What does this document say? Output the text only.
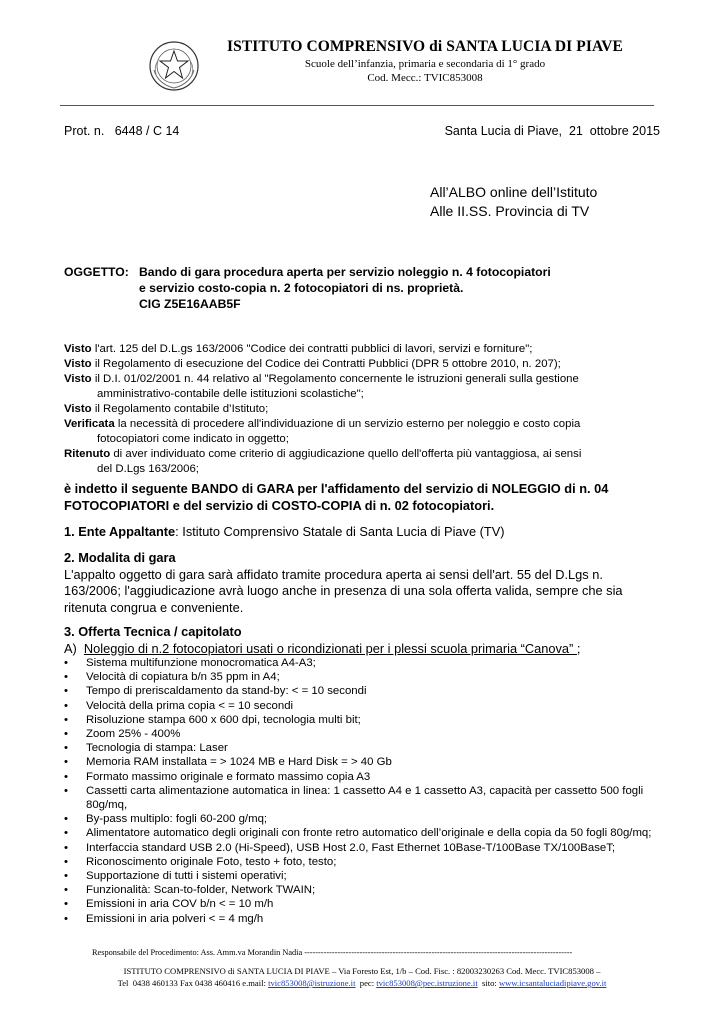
ISTITUTO COMPRENSIVO di SANTA LUCIA DI PIAVE
Scuole dell’infanzia, primaria e secondaria di 1° grado
Cod. Mecc.: TVIC853008
Prot. n.   6448 / C 14	Santa Lucia di Piave,  21  ottobre 2015
All’ALBO online dell’Istituto
Alle II.SS. Provincia di TV
OGGETTO: Bando di gara procedura aperta per servizio noleggio n. 4 fotocopiatori
e servizio costo-copia n. 2 fotocopiatori di ns. proprietà.
CIG Z5E16AAB5F
Visto l'art. 125 del D.L.gs 163/2006 "Codice dei contratti pubblici di lavori, servizi e forniture";
Visto il Regolamento di esecuzione del Codice dei Contratti Pubblici (DPR 5 ottobre 2010, n. 207);
Visto il D.I. 01/02/2001 n. 44 relativo al "Regolamento concernente le istruzioni generali sulla gestione
amministrativo-contabile delle istituzioni scolastiche";
Visto il Regolamento contabile d’Istituto;
Verificata la necessità di procedere all'individuazione di un servizio esterno per noleggio e costo copia
fotocopiatori come indicato in oggetto;
Ritenuto di aver individuato come criterio di aggiudicazione quello dell'offerta più vantaggiosa, ai sensi
del D.Lgs 163/2006;
è indetto il seguente BANDO di GARA per l'affidamento del servizio di NOLEGGIO di n. 04
FOTOCOPIATORI e del servizio di COSTO-COPIA di n. 02 fotocopiatori.
1. Ente Appaltante: Istituto Comprensivo Statale di Santa Lucia di Piave (TV)
2. Modalita di gara
L'appalto oggetto di gara sarà affidato tramite procedura aperta ai sensi dell'art. 55 del D.Lgs n.
163/2006; l'aggiudicazione avrà luogo anche in presenza di una sola offerta valida, sempre che sia
ritenuta congrua e conveniente.
3. Offerta Tecnica / capitolato
A)  Noleggio di n.2 fotocopiatori usati o ricondizionati per i plessi scuola primaria “Canova” ;
• Sistema multifunzione monocromatica A4-A3;
• Velocità di copiatura b/n 35 ppm in A4;
• Tempo di preriscaldamento da stand-by: < = 10 secondi
• Velocità della prima copia < = 10 secondi
• Risoluzione stampa 600 x 600 dpi, tecnologia multi bit;
• Zoom 25% - 400%
• Tecnologia di stampa: Laser
• Memoria RAM installata = > 1024 MB e Hard Disk = > 40 Gb
• Formato massimo originale e formato massimo copia A3
• Cassetti carta alimentazione automatica in linea: 1 cassetto A4 e 1 cassetto A3, capacità per cassetto 500 fogli 80g/mq,
• By-pass multiplo: fogli 60-200 g/mq;
• Alimentatore automatico degli originali con fronte retro automatico dell’originale e della copia da 50 fogli 80g/mq;
• Interfaccia standard USB 2.0 (Hi-Speed), USB Host 2.0, Fast Ethernet 10Base-T/100Base TX/100BaseT;
• Riconoscimento originale Foto, testo + foto, testo;
• Supportazione di tutti i sistemi operativi;
• Funzionalità: Scan-to-folder, Network TWAIN;
• Emissioni in aria COV b/n < = 10 m/h
• Emissioni in aria polveri < = 4 mg/h
Responsabile del Procedimento: Ass. Amm.va Morandin Nadia -------------------------------------------------------------------------------------------------
ISTITUTO COMPRENSIVO di SANTA LUCIA DI PIAVE – Via Foresto Est, 1/b – Cod. Fisc. : 82003230263 Cod. Mecc. TVIC853008 –
Tel  0438 460133 Fax 0438 460416 e.mail: tvic853008@istruzione.it  pec: tvic853008@pec.istruzione.it  sito: www.icsantaluciadipiave.gov.it
